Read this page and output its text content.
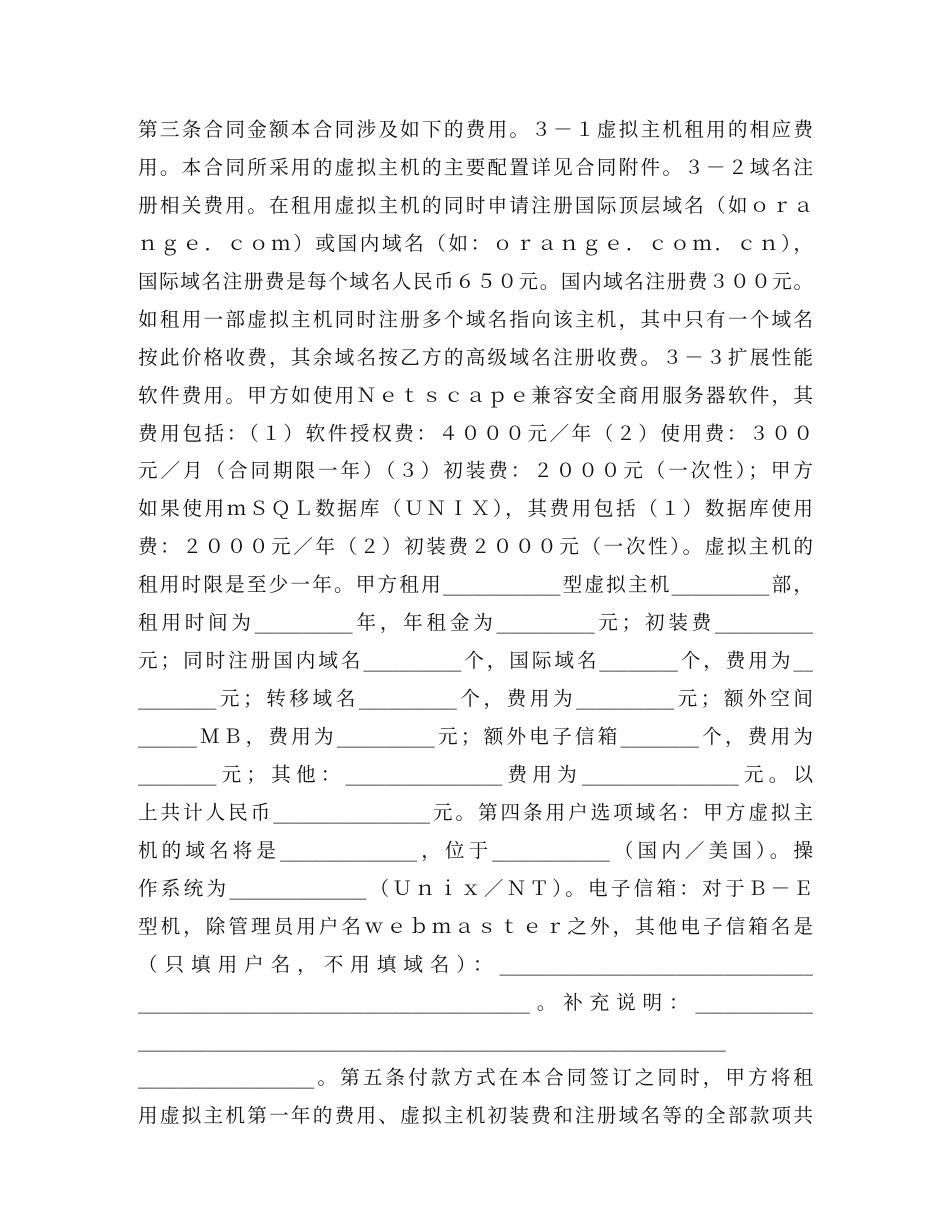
第三条合同金额本合同涉及如下的费用。３－１虚拟主机租用的相应费
用。本合同所采用的虚拟主机的主要配置详见合同附件。３－２域名注
册相关费用。在租用虚拟主机的同时申请注册国际顶层域名（如ｏｒａ
ｎｇｅ．ｃｏｍ）或国内域名（如：ｏｒａｎｇｅ．ｃｏｍ．ｃｎ），
国际域名注册费是每个域名人民币６５０元。国内域名注册费３００元。
如租用一部虚拟主机同时注册多个域名指向该主机，其中只有一个域名
按此价格收费，其余域名按乙方的高级域名注册收费。３－３扩展性能
软件费用。甲方如使用Ｎｅｔｓｃａｐｅ兼容安全商用服务器软件，其
费用包括：（１）软件授权费：４０００元／年（２）使用费：３００
元／月（合同期限一年）（３）初装费：２０００元（一次性）；甲方
如果使用ｍＳＱＬ数据库（ＵＮＩＸ），其费用包括（１）数据库使用
费：２０００元／年（２）初装费２０００元（一次性）。虚拟主机的
租用时限是至少一年。甲方租用____________型虚拟主机__________部，
租用时间为__________年，年租金为__________元；初装费__________
元；同时注册国内域名__________个，国际域名________个，费用为__
________元；转移域名__________个，费用为__________元；额外空间
______ＭＢ，费用为__________元；额外电子信箱________个，费用为
________元；其他：________________费用为________________元。以
上共计人民币________________元。第四条用户选项域名：甲方虚拟主
机的域名将是______________，位于____________（国内／美国）。操
作系统为______________（Ｕｎｉｘ／ＮＴ）。电子信箱：对于Ｂ－Ｅ
型机，除管理员用户名ｗｅｂｍａｓｔｅｒ之外，其他电子信箱名是
（只填用户名，不用填域名）：________________________________
________________________________________。补充说明：____________
____________________________________________________________
__________________。第五条付款方式在本合同签订之同时，甲方将租
用虚拟主机第一年的费用、虚拟主机初装费和注册域名等的全部款项共
